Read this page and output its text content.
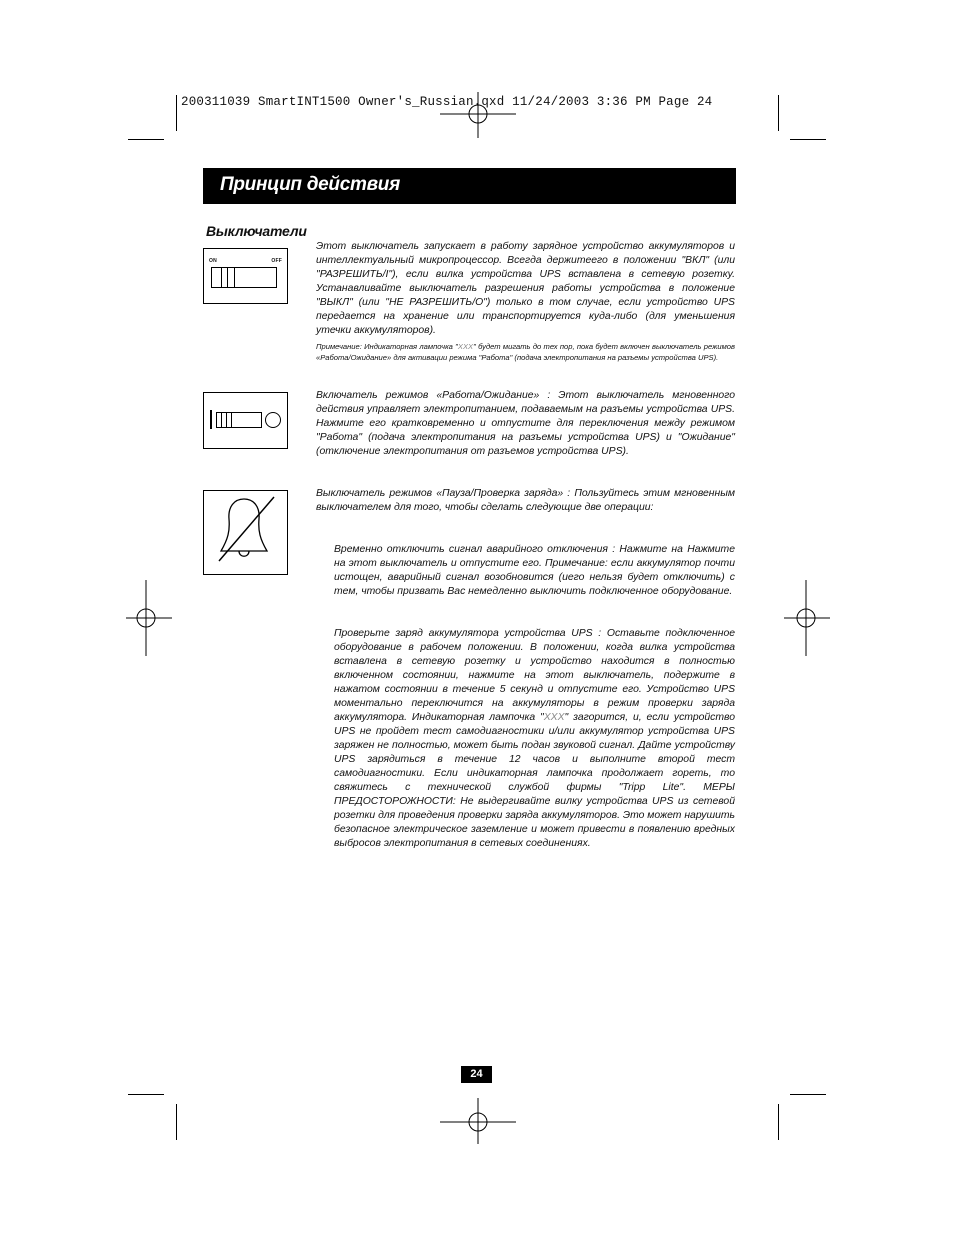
200311039 SmartINT1500 Owner's_Russian.qxd 11/24/2003 3:36 PM Page 24
Принцип действия
Выключатели
ON	OFF

Этот выключатель запускает в работу зарядное устройство аккумуляторов и интеллектуальный микропроцессор. Всегда держитеего в положении "ВКЛ" (или "РАЗРЕШИТЬ/I"), если вилка устройства UPS вставлена в сетевую розетку. Устанавливайте выключатель разрешения работы устройства в положение "ВЫКЛ" (или "НЕ РАЗРЕШИТЬ/O") только в том случае, если устройство UPS передается на хранение или транспортируется куда-либо (для уменьшения утечки аккумуляторов).

Примечание: Индикаторная лампочка "XXX" будет мигать до тех пор, пока будет включен выключатель режимов «Работа/Ожидание» для активации режима "Работа" (подача электропитания на разъемы устройства UPS).

Включатель режимов «Работа/Ожидание» : Этот выключатель мгновенного действия управляет электропитанием, подаваемым на разъемы устройства UPS. Нажмите его кратковременно и отпустите для переключения между режимом "Работа" (подача электропитания на разъемы устройства UPS) и "Ожидание" (отключение электропитания от разъемов устройства UPS).

Выключатель режимов «Пауза/Проверка заряда» : Пользуйтесь этим мгновенным выключателем для того, чтобы сделать следующие две операции:

Временно отключить сигнал аварийного отключения : Нажмите на Нажмите на этот выключатель и отпустите его. Примечание: если аккумулятор почти истощен, аварийный сигнал возобновится (иего нельзя будет отключить) с тем, чтобы призвать Вас немедленно выключить подключенное оборудование.

Проверьте заряд аккумулятора устройства UPS : Оставьте подключенное оборудование в рабочем положении. В положении, когда вилка устройства вставлена в сетевую розетку и устройство находится в полностью включенном состоянии, нажмите на этот выключатель, подержите в нажатом состоянии в течение 5 секунд и отпустите его. Устройство UPS моментально переключится на аккумуляторы в режим проверки заряда аккумулятора. Индикаторная лампочка "XXX" загорится, и, если устройство UPS не пройдет тест самодиагностики и/или аккумулятор устройства UPS заряжен не полностью, может быть подан звуковой сигнал. Дайте устройству UPS зарядиться в течение 12 часов и выполните второй тест самодиагностики. Если индикаторная лампочка продолжает гореть, то свяжитесь с технической службой фирмы "Tripp Lite". МЕРЫ ПРЕДОСТОРОЖНОСТИ: Не выдергивайте вилку устройства UPS из сетевой розетки для проведения проверки заряда аккумуляторов. Это может нарушить безопасное электрическое заземление и может привести в появлению вредных выбросов электропитания в сетевых соединениях.

24
